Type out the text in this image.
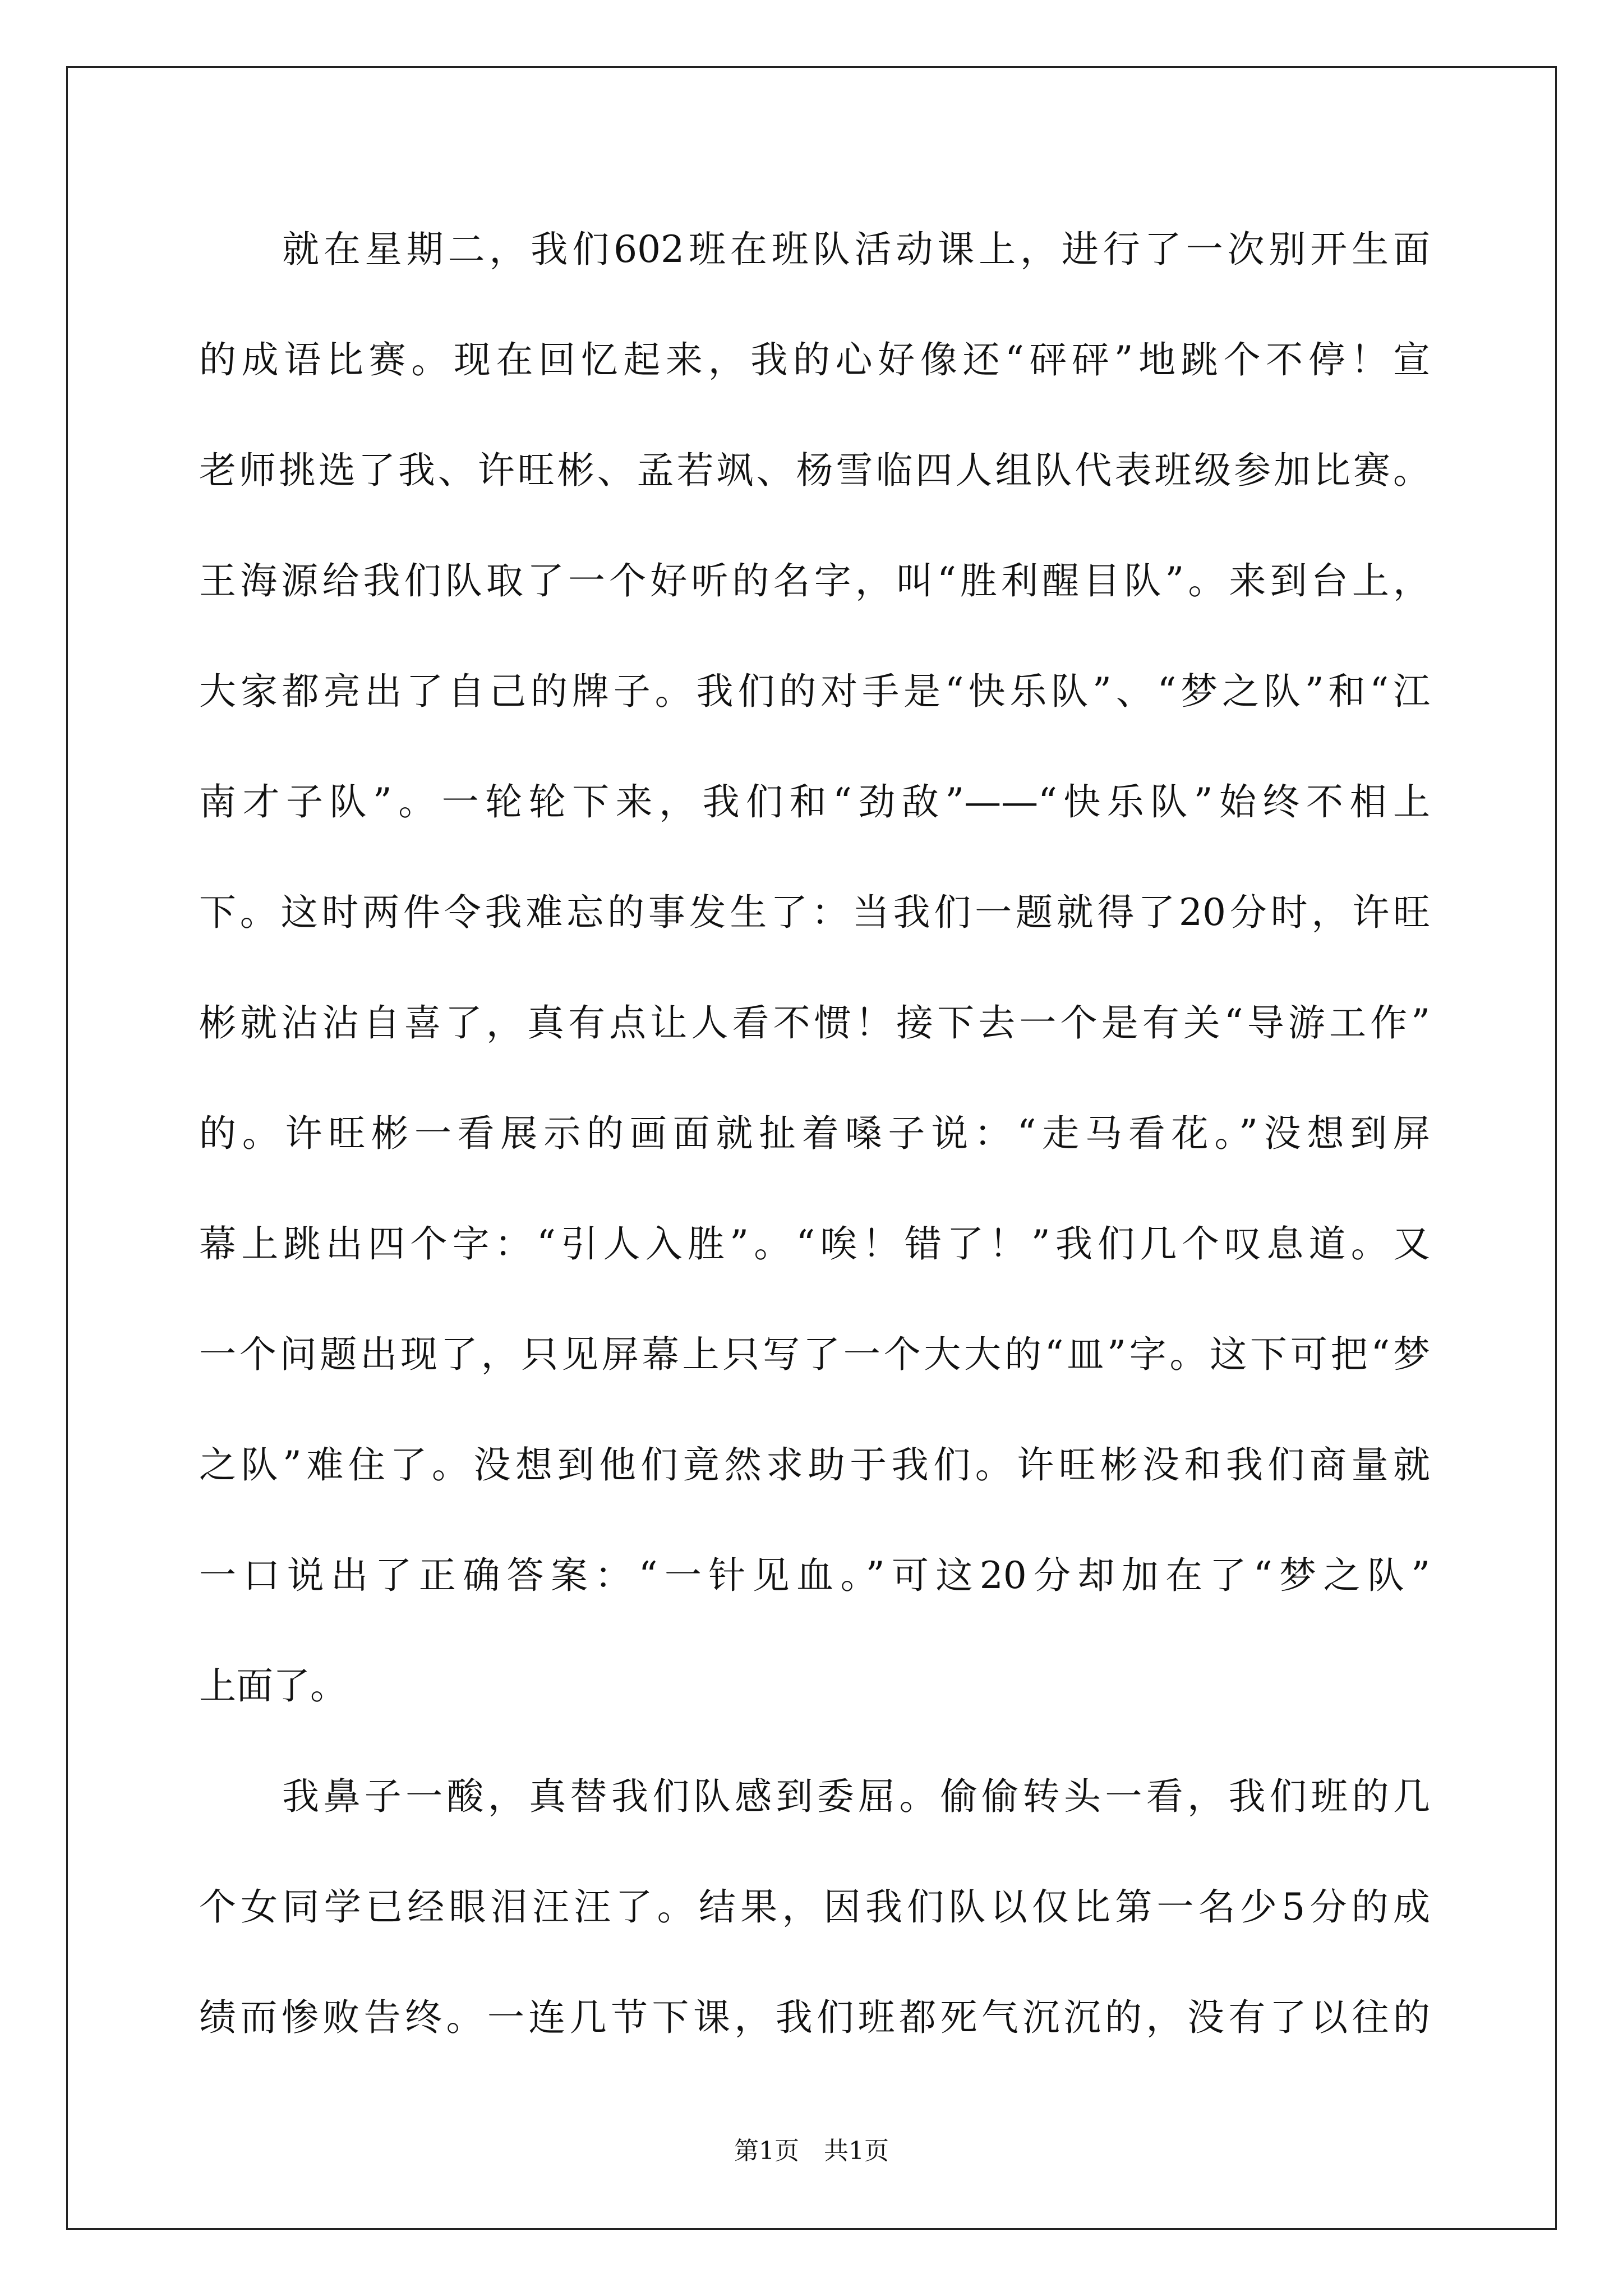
就在星期二，我们602班在班队活动课上，进行了一次别开生面
的成语比赛。现在回忆起来，我的心好像还“砰砰”地跳个不停！宣
老师挑选了我、许旺彬、孟若飒、杨雪临四人组队代表班级参加比赛。
王海源给我们队取了一个好听的名字，叫“胜利醒目队”。来到台上，
大家都亮出了自己的牌子。我们的对手是“快乐队”、“梦之队”和“江
南才子队”。一轮轮下来，我们和“劲敌”——“快乐队”始终不相上
下。这时两件令我难忘的事发生了：当我们一题就得了20分时，许旺
彬就沾沾自喜了，真有点让人看不惯！接下去一个是有关“导游工作”
的。许旺彬一看展示的画面就扯着嗓子说：“走马看花。”没想到屏
幕上跳出四个字：“引人入胜”。“唉！错了！”我们几个叹息道。又
一个问题出现了，只见屏幕上只写了一个大大的“皿”字。这下可把“梦
之队”难住了。没想到他们竟然求助于我们。许旺彬没和我们商量就
一口说出了正确答案：“一针见血。”可这20分却加在了“梦之队”
上面了。
我鼻子一酸，真替我们队感到委屈。偷偷转头一看，我们班的几
个女同学已经眼泪汪汪了。结果，因我们队以仅比第一名少5分的成
绩而惨败告终。一连几节下课，我们班都死气沉沉的，没有了以往的
第1页 共1页
